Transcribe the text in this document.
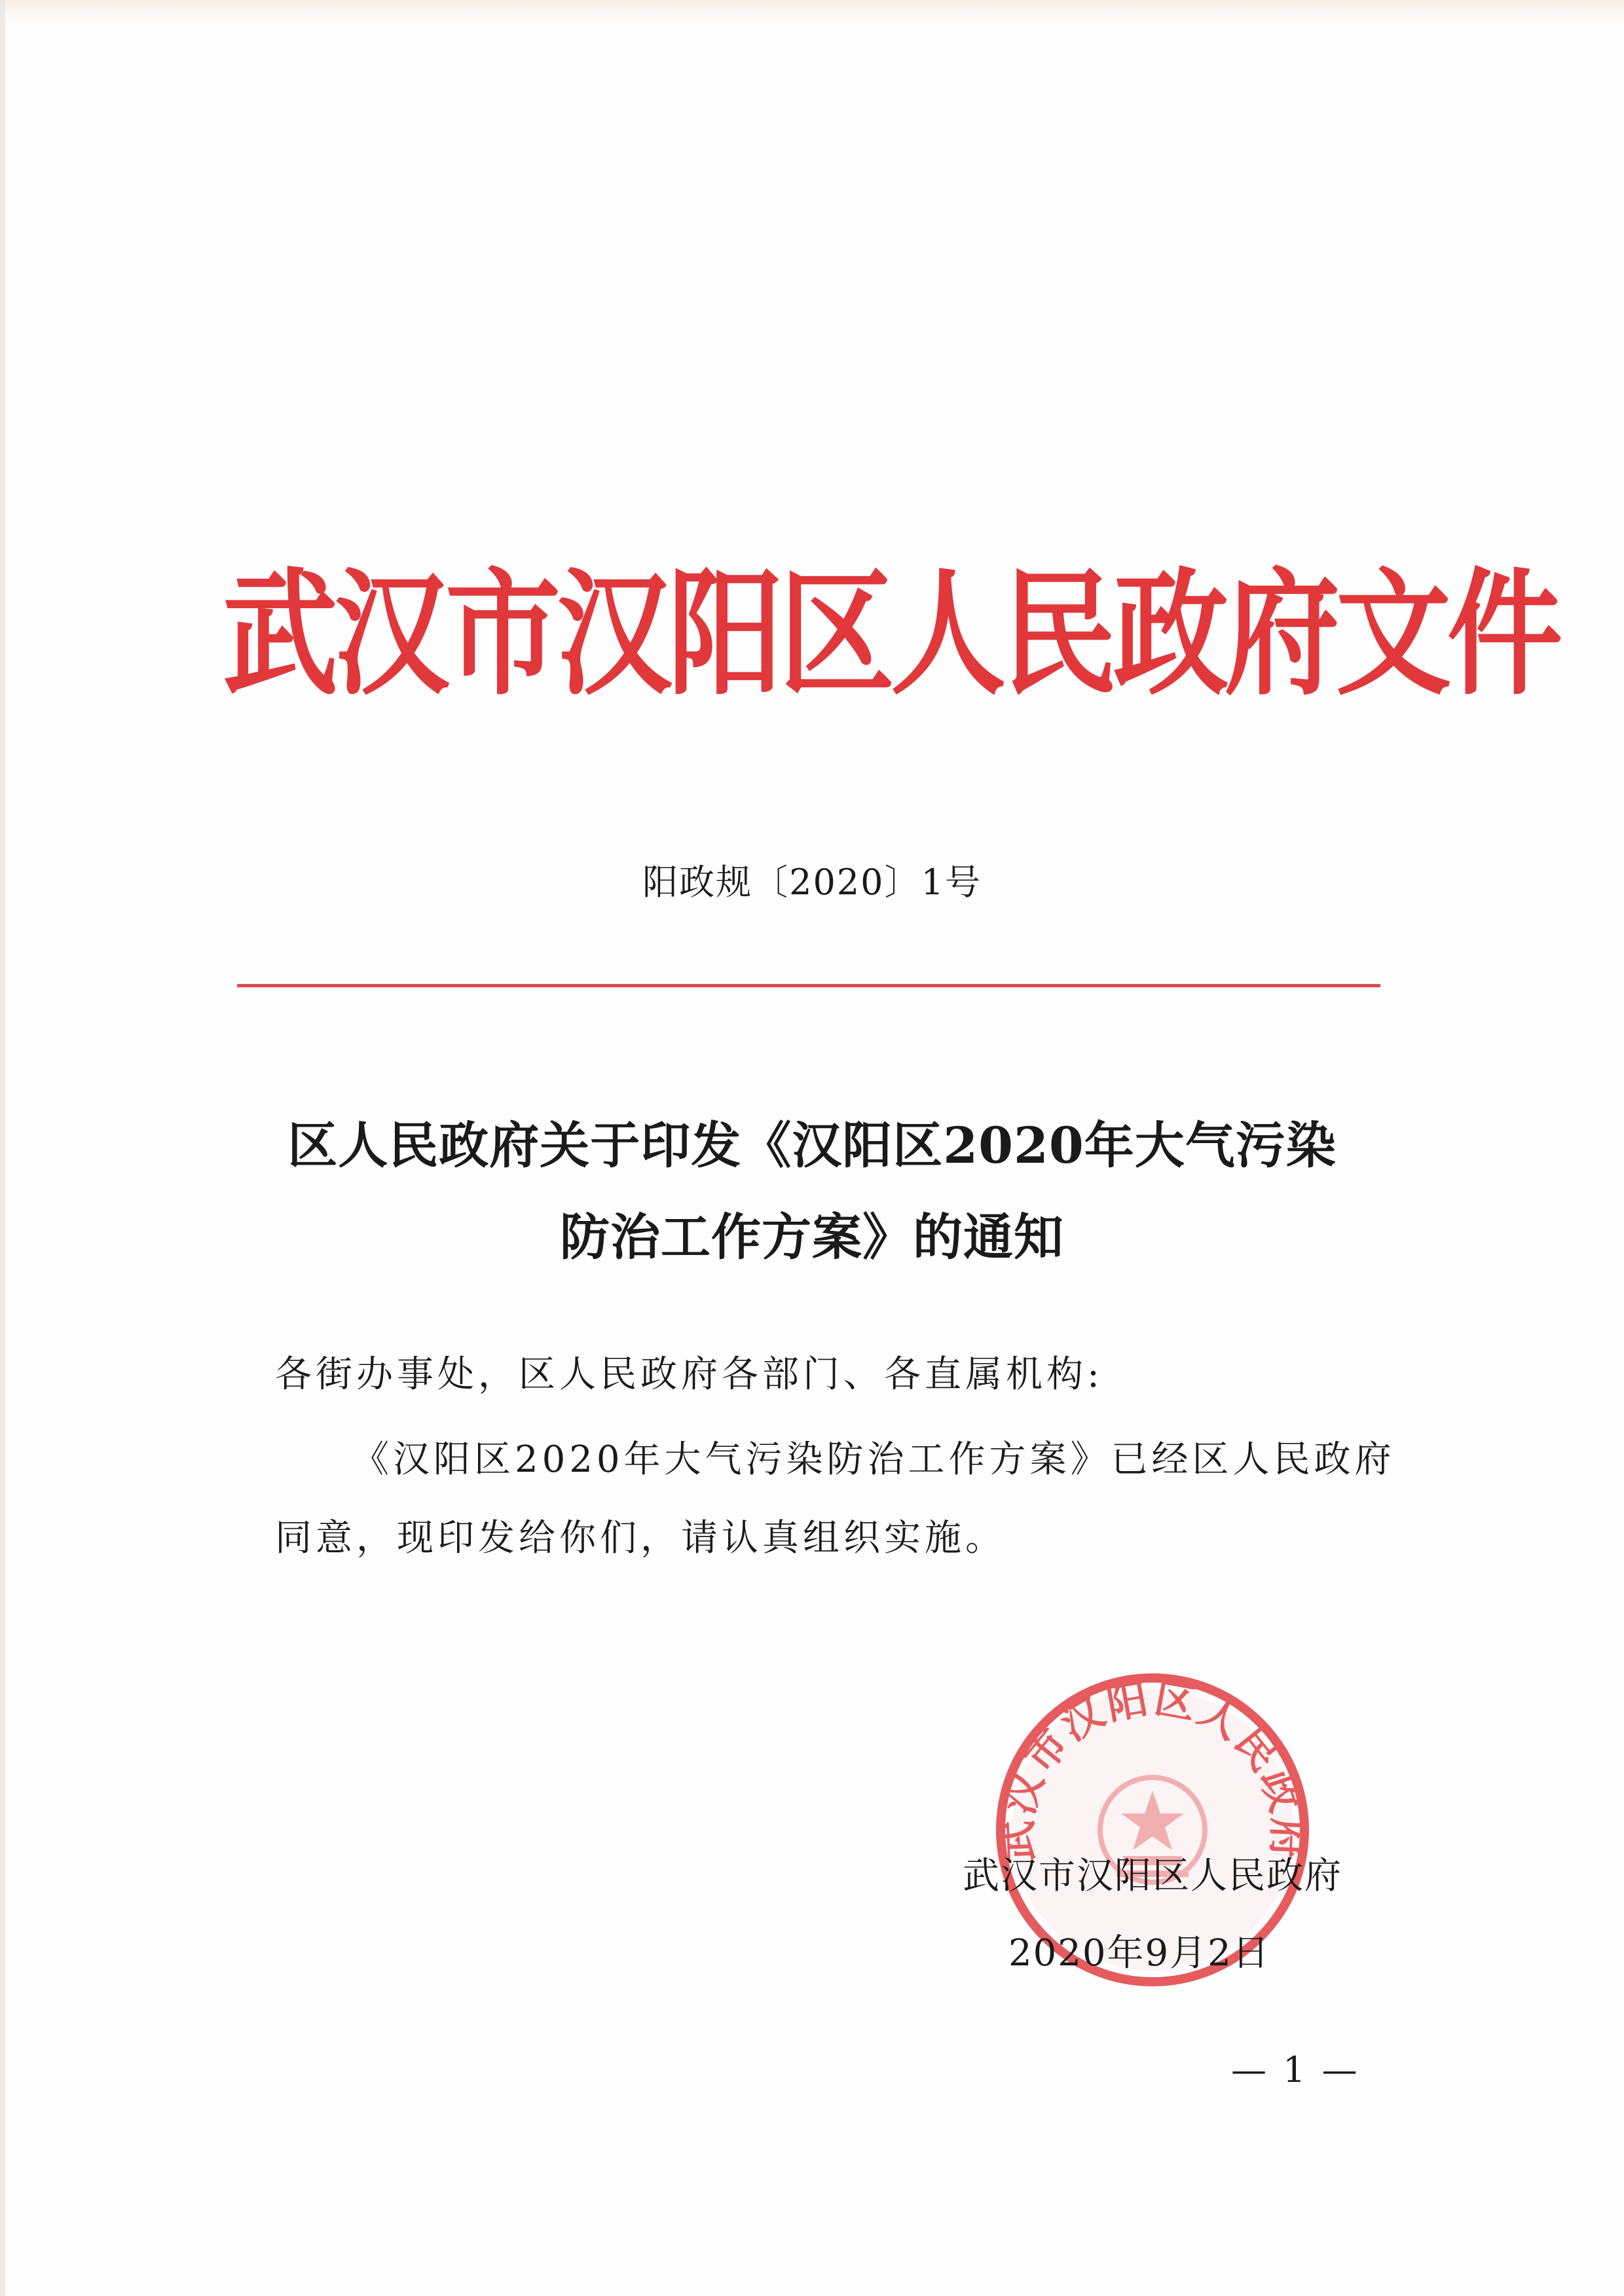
武汉市汉阳区人民政府文件
阳政规〔2020〕1号
区人民政府关于印发《汉阳区2020年大气污染
防治工作方案》的通知
各街办事处，区人民政府各部门、各直属机构:
《汉阳区2020年大气污染防治工作方案》已经区人民政府同意，现印发给你们，请认真组织实施。
武汉市汉阳区人民政府
武汉市汉阳区人民政府
2020年9月2日
— 1 —
